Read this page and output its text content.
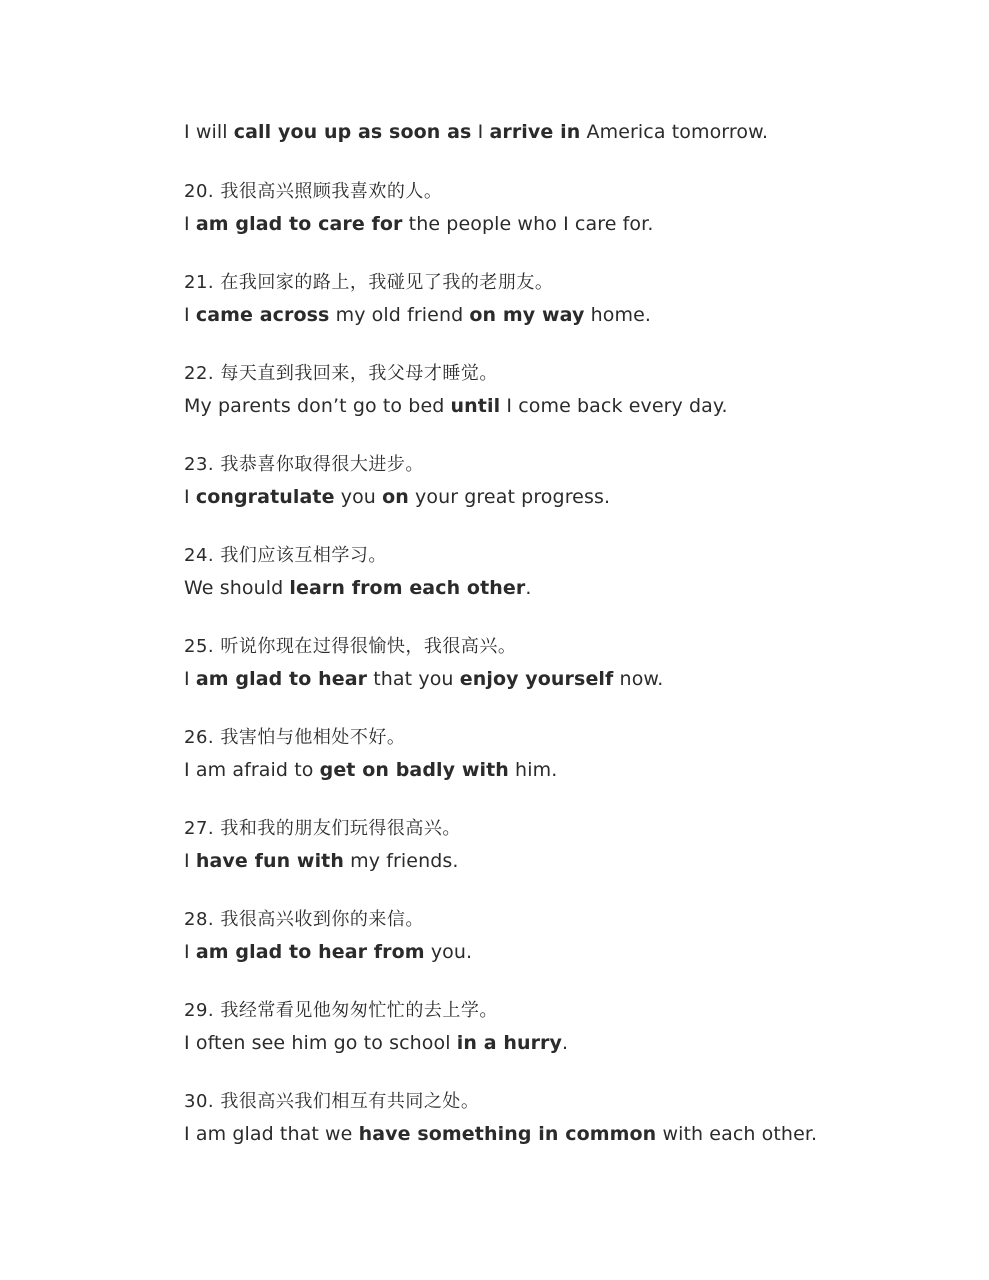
I will call you up as soon as I arrive in America tomorrow.
20. 我很高兴照顾我喜欢的人。
I am glad to care for the people who I care for.
21. 在我回家的路上，我碰见了我的老朋友。
I came across my old friend on my way home.
22. 每天直到我回来，我父母才睡觉。
My parents don’t go to bed until I come back every day.
23. 我恭喜你取得很大进步。
I congratulate you on your great progress.
24. 我们应该互相学习。
We should learn from each other.
25. 听说你现在过得很愉快，我很高兴。
I am glad to hear that you enjoy yourself now.
26. 我害怕与他相处不好。
I am afraid to get on badly with him.
27. 我和我的朋友们玩得很高兴。
I have fun with my friends.
28. 我很高兴收到你的来信。
I am glad to hear from you.
29. 我经常看见他匆匆忙忙的去上学。
I often see him go to school in a hurry.
30. 我很高兴我们相互有共同之处。
I am glad that we have something in common with each other.
